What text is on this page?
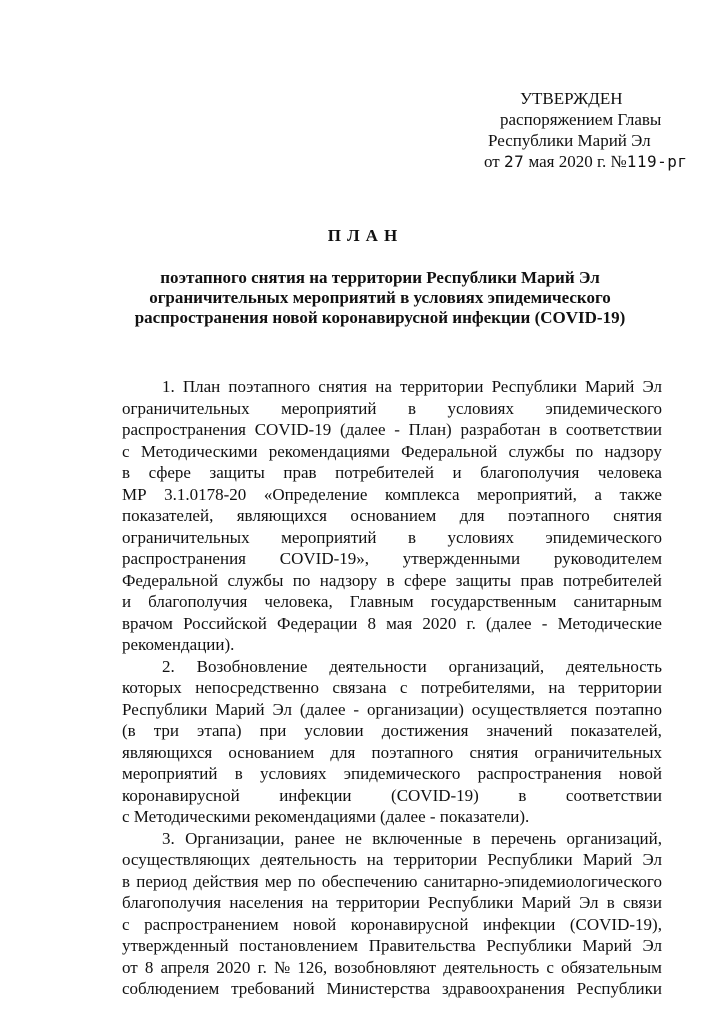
УТВЕРЖДЕН
распоряжением Главы
Республики Марий Эл
от 27 мая 2020 г. №119-рг
ПЛАН
поэтапного снятия на территории Республики Марий Эл
ограничительных мероприятий в условиях эпидемического
распространения новой коронавирусной инфекции (COVID-19)
1. План поэтапного снятия на территории Республики Марий Эл
ограничительных мероприятий в условиях эпидемического
распространения COVID-19 (далее - План) разработан в соответствии
с Методическими рекомендациями Федеральной службы по надзору
в сфере защиты прав потребителей и благополучия человека
МР 3.1.0178-20 «Определение комплекса мероприятий, а также
показателей, являющихся основанием для поэтапного снятия
ограничительных мероприятий в условиях эпидемического
распространения COVID-19», утвержденными руководителем
Федеральной службы по надзору в сфере защиты прав потребителей
и благополучия человека, Главным государственным санитарным
врачом Российской Федерации 8 мая 2020 г. (далее - Методические
рекомендации).
2. Возобновление деятельности организаций, деятельность
которых непосредственно связана с потребителями, на территории
Республики Марий Эл (далее - организации) осуществляется поэтапно
(в три этапа) при условии достижения значений показателей,
являющихся основанием для поэтапного снятия ограничительных
мероприятий в условиях эпидемического распространения новой
коронавирусной инфекции (COVID-19) в соответствии
с Методическими рекомендациями (далее - показатели).
3. Организации, ранее не включенные в перечень организаций,
осуществляющих деятельность на территории Республики Марий Эл
в период действия мер по обеспечению санитарно-эпидемиологического
благополучия населения на территории Республики Марий Эл в связи
с распространением новой коронавирусной инфекции (COVID-19),
утвержденный постановлением Правительства Республики Марий Эл
от 8 апреля 2020 г. № 126, возобновляют деятельность с обязательным
соблюдением требований Министерства здравоохранения Республики
